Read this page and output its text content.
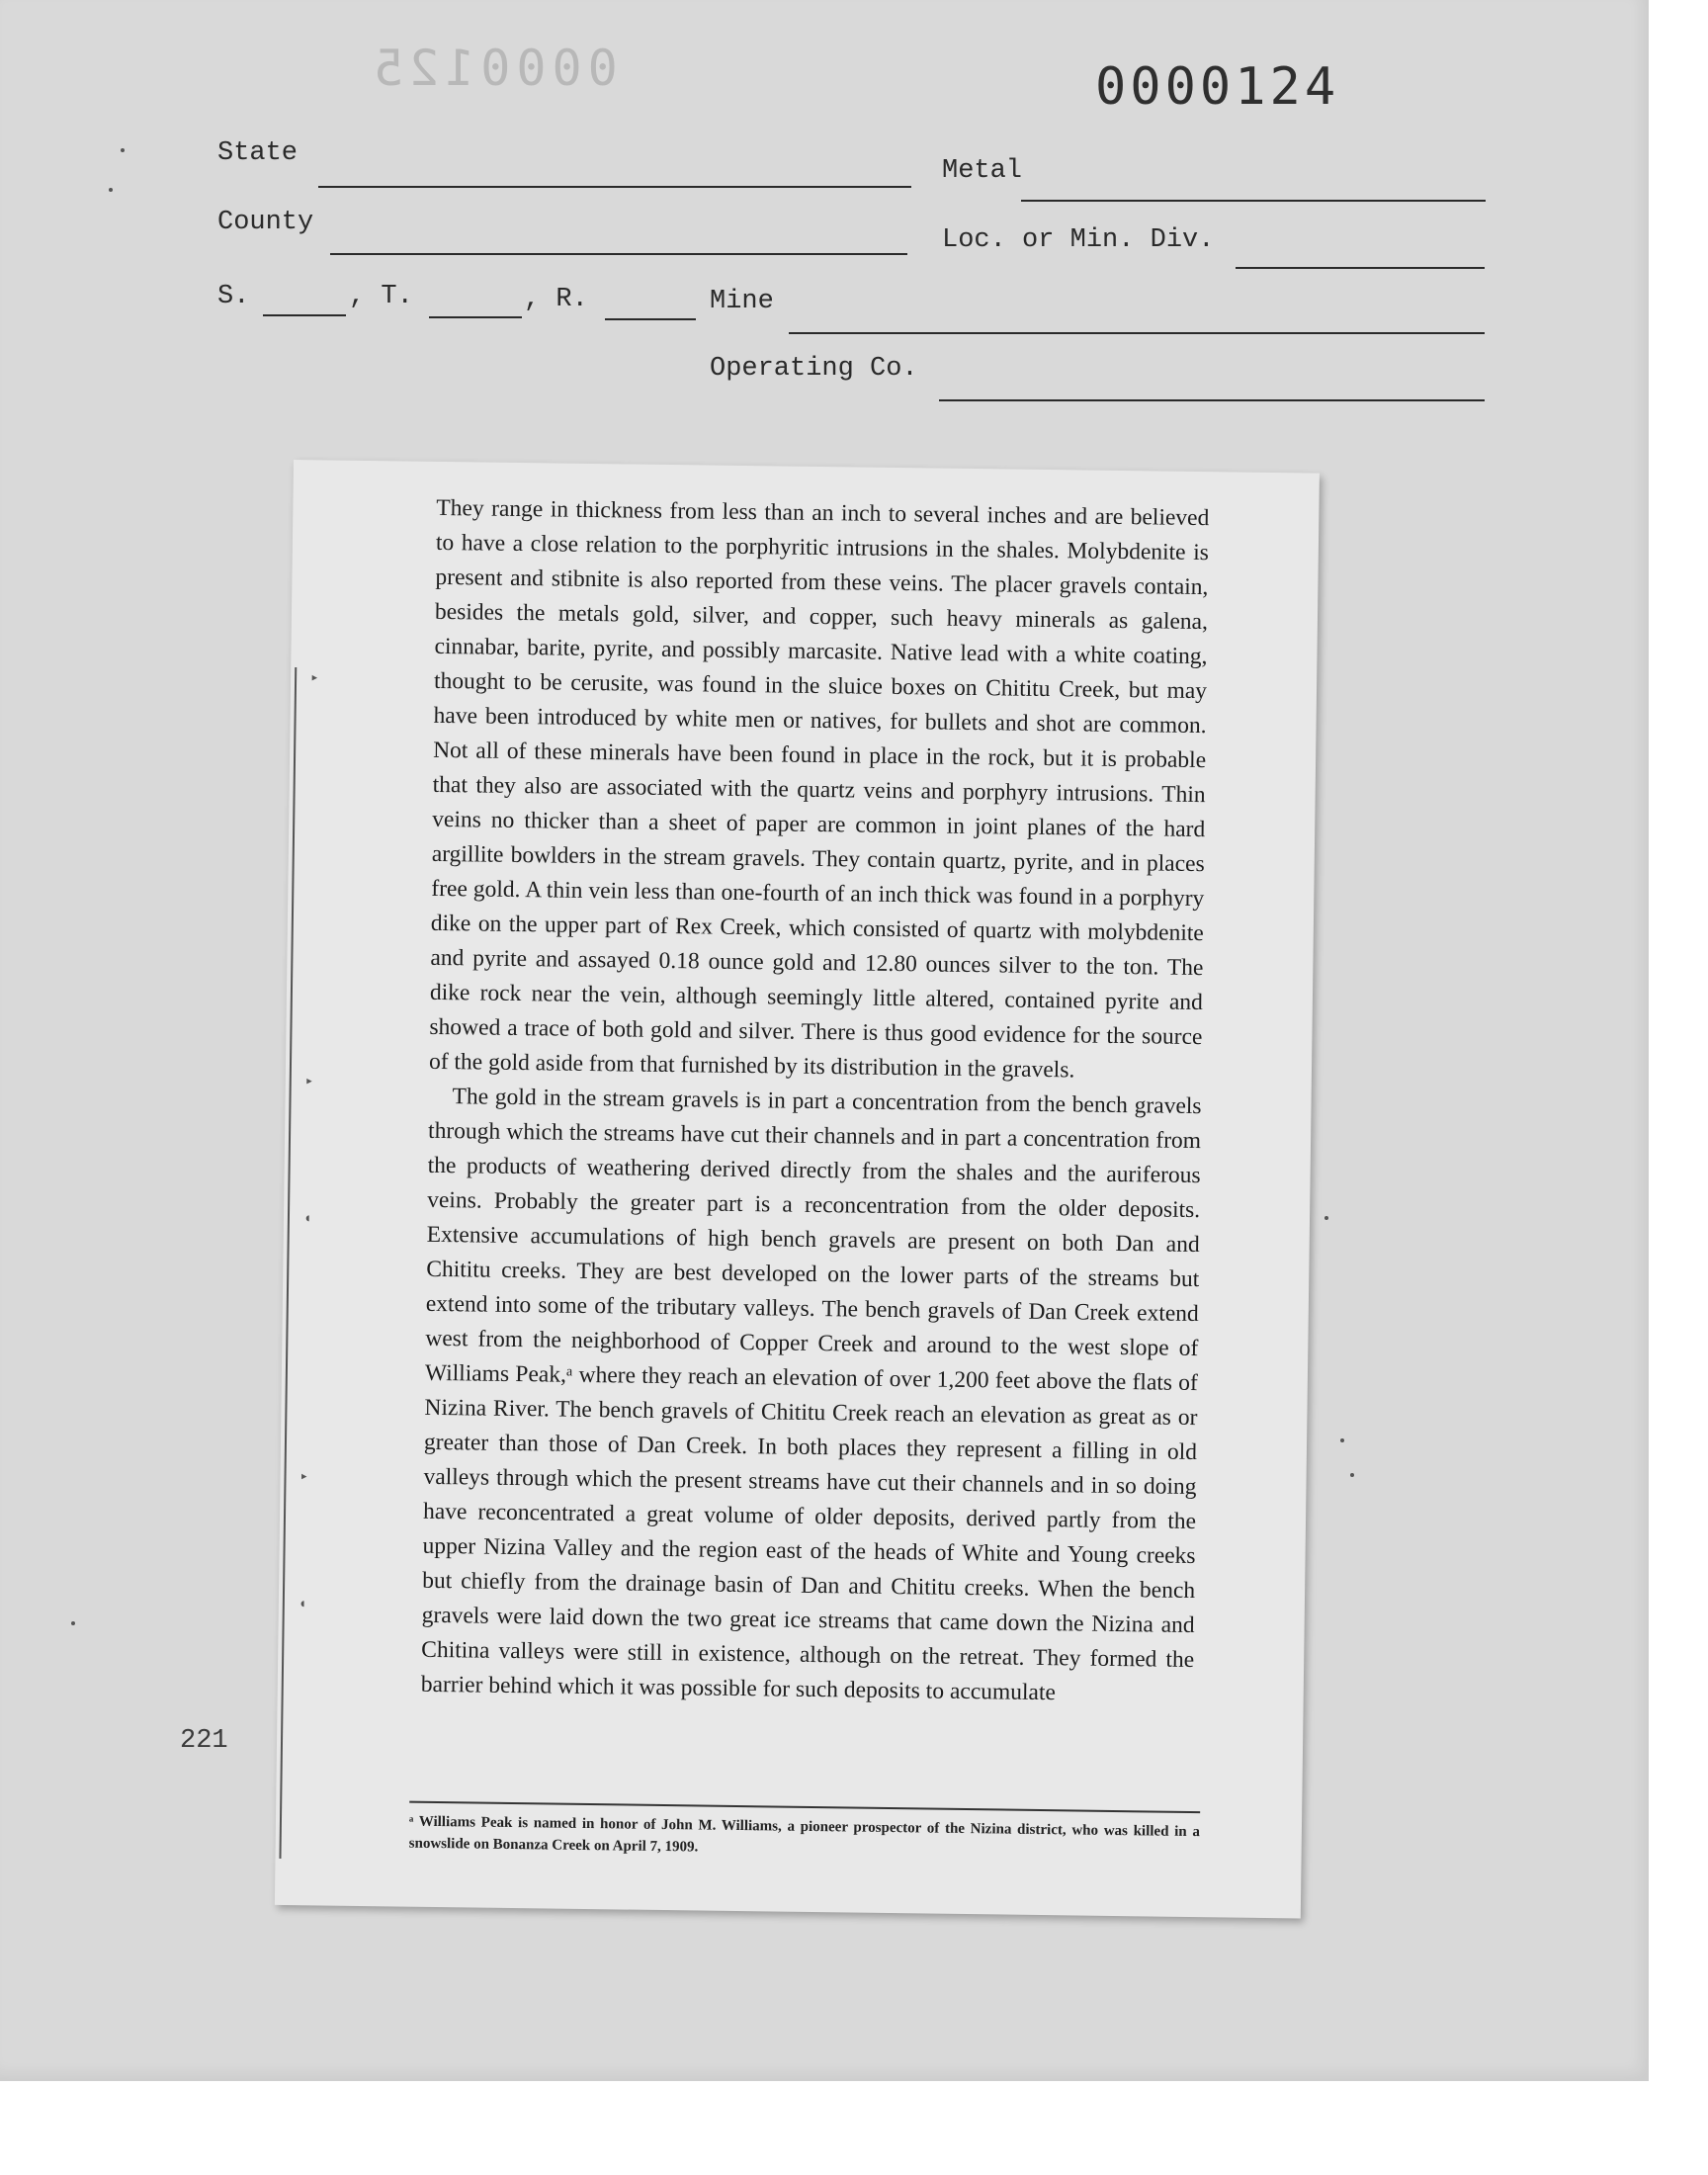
0000125	0000124
State
Metal
County
Loc. or Min. Div.
S.	, T.	, R.	Mine
Operating Co.
221
▸
▸
◖
▸
◖

They range in thickness from less than an inch to several inches and are believed to have a close relation to the porphyritic intrusions in the shales. Molybdenite is present and stibnite is also reported from these veins. The placer gravels contain, besides the metals gold, silver, and copper, such heavy minerals as galena, cinnabar, barite, pyrite, and possibly marcasite. Native lead with a white coating, thought to be cerusite, was found in the sluice boxes on Chititu Creek, but may have been introduced by white men or natives, for bullets and shot are common. Not all of these minerals have been found in place in the rock, but it is probable that they also are associated with the quartz veins and porphyry intrusions. Thin veins no thicker than a sheet of paper are common in joint planes of the hard argillite bowlders in the stream gravels. They contain quartz, pyrite, and in places free gold. A thin vein less than one-fourth of an inch thick was found in a porphyry dike on the upper part of Rex Creek, which consisted of quartz with molybdenite and pyrite and assayed 0.18 ounce gold and 12.80 ounces silver to the ton. The dike rock near the vein, although seemingly little altered, contained pyrite and showed a trace of both gold and silver. There is thus good evidence for the source of the gold aside from that furnished by its distribution in the gravels.

The gold in the stream gravels is in part a concentration from the bench gravels through which the streams have cut their channels and in part a concentration from the products of weathering derived directly from the shales and the auriferous veins. Probably the greater part is a reconcentration from the older deposits. Extensive accumulations of high bench gravels are present on both Dan and Chititu creeks. They are best developed on the lower parts of the streams but extend into some of the tributary valleys. The bench gravels of Dan Creek extend west from the neighborhood of Copper Creek and around to the west slope of Williams Peak,ᵃ where they reach an elevation of over 1,200 feet above the flats of Nizina River. The bench gravels of Chititu Creek reach an elevation as great as or greater than those of Dan Creek. In both places they represent a filling in old valleys through which the present streams have cut their channels and in so doing have reconcentrated a great volume of older deposits, derived partly from the upper Nizina Valley and the region east of the heads of White and Young creeks but chiefly from the drainage basin of Dan and Chititu creeks. When the bench gravels were laid down the two great ice streams that came down the Nizina and Chitina valleys were still in existence, although on the retreat. They formed the barrier behind which it was possible for such deposits to accumulate

ᵃ Williams Peak is named in honor of John M. Williams, a pioneer prospector of the Nizina district, who was killed in a snowslide on Bonanza Creek on April 7, 1909.
